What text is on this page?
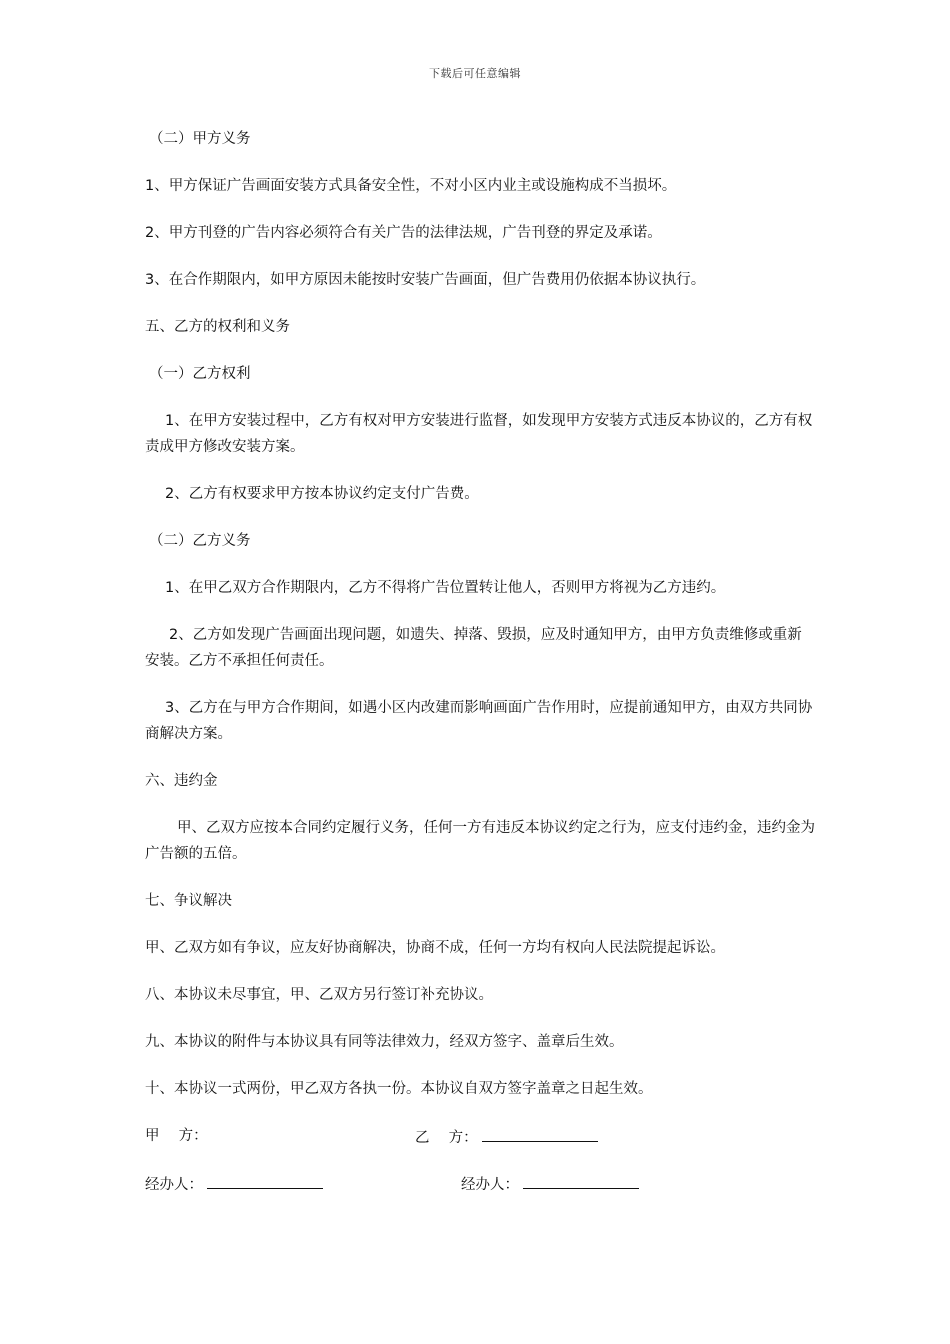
下载后可任意编辑

（二）甲方义务

1、甲方保证广告画面安装方式具备安全性，不对小区内业主或设施构成不当损坏。

2、甲方刊登的广告内容必须符合有关广告的法律法规，广告刊登的界定及承诺。

3、在合作期限内，如甲方原因未能按时安装广告画面，但广告费用仍依据本协议执行。

五、乙方的权利和义务

（一）乙方权利

1、在甲方安装过程中，乙方有权对甲方安装进行监督，如发现甲方安装方式违反本协议的，乙方有权责成甲方修改安装方案。

2、乙方有权要求甲方按本协议约定支付广告费。

（二）乙方义务

1、在甲乙双方合作期限内，乙方不得将广告位置转让他人，否则甲方将视为乙方违约。

2、乙方如发现广告画面出现问题，如遗失、掉落、毁损，应及时通知甲方，由甲方负责维修或重新安装。乙方不承担任何责任。

3、乙方在与甲方合作期间，如遇小区内改建而影响画面广告作用时，应提前通知甲方，由双方共同协商解决方案。

六、违约金

甲、乙双方应按本合同约定履行义务，任何一方有违反本协议约定之行为，应支付违约金，违约金为广告额的五倍。

七、争议解决

甲、乙双方如有争议，应友好协商解决，协商不成，任何一方均有权向人民法院提起诉讼。

八、本协议未尽事宜，甲、乙双方另行签订补充协议。

九、本协议的附件与本协议具有同等法律效力，经双方签字、盖章后生效。

十、本协议一式两份，甲乙双方各执一份。本协议自双方签字盖章之日起生效。

甲　 方：	乙　 方：
经办人：	经办人：
